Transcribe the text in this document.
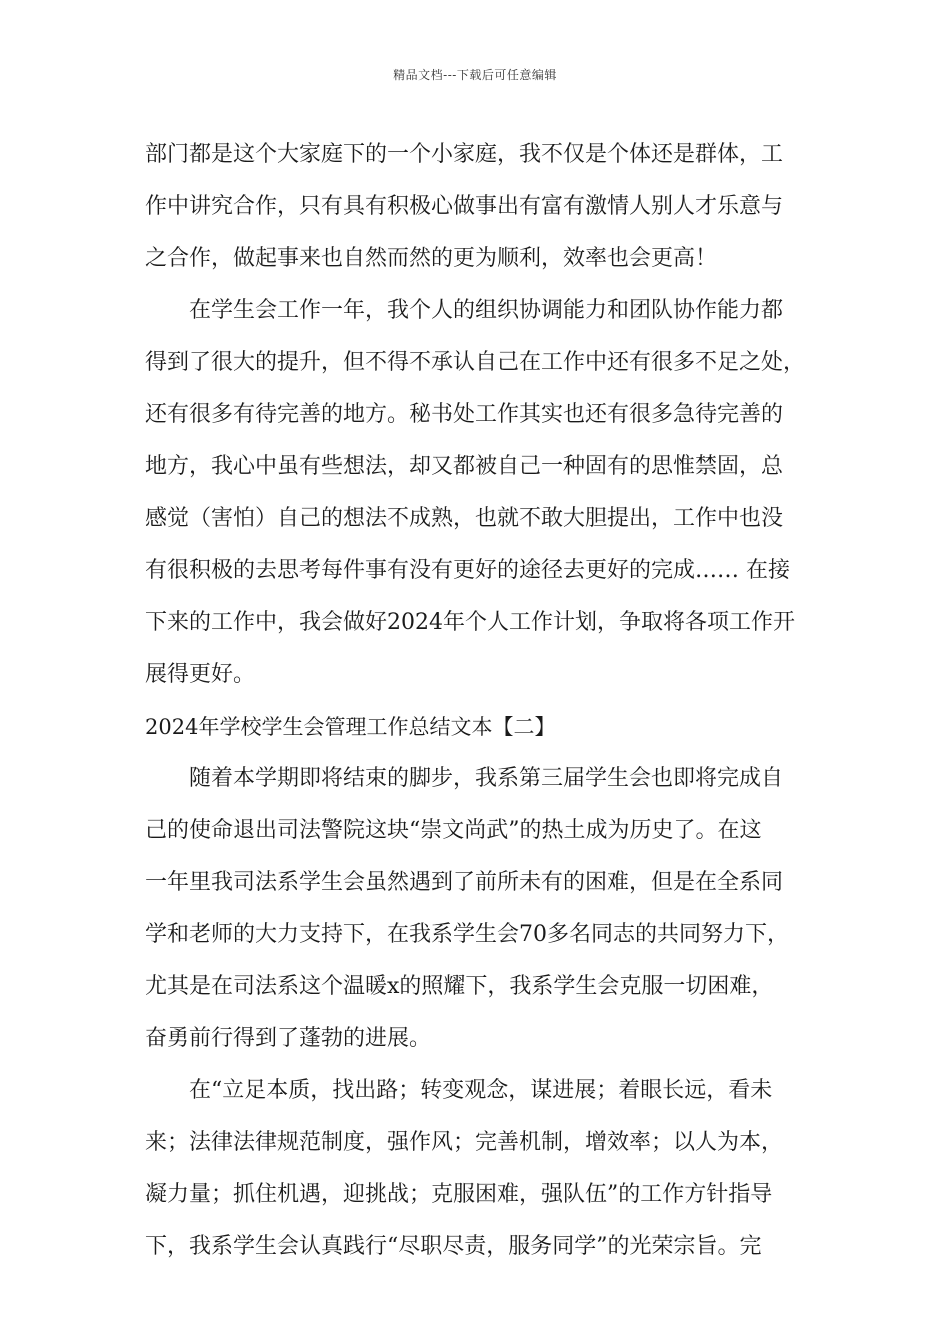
精品文档---下载后可任意编辑
部门都是这个大家庭下的一个小家庭，我不仅是个体还是群体，工
作中讲究合作，只有具有积极心做事出有富有激情人别人才乐意与
之合作，做起事来也自然而然的更为顺利，效率也会更高！
在学生会工作一年，我个人的组织协调能力和团队协作能力都
得到了很大的提升，但不得不承认自己在工作中还有很多不足之处，
还有很多有待完善的地方。秘书处工作其实也还有很多急待完善的
地方，我心中虽有些想法，却又都被自己一种固有的思惟禁固，总
感觉（害怕）自己的想法不成熟，也就不敢大胆提出，工作中也没
有很积极的去思考每件事有没有更好的途径去更好的完成…… 在接
下来的工作中，我会做好2024年个人工作计划，争取将各项工作开
展得更好。
2024年学校学生会管理工作总结文本【二】
随着本学期即将结束的脚步，我系第三届学生会也即将完成自
己的使命退出司法警院这块“崇文尚武”的热土成为历史了。在这
一年里我司法系学生会虽然遇到了前所未有的困难，但是在全系同
学和老师的大力支持下，在我系学生会70多名同志的共同努力下，
尤其是在司法系这个温暖x的照耀下，我系学生会克服一切困难，
奋勇前行得到了蓬勃的进展。
在“立足本质，找出路；转变观念，谋进展；着眼长远，看未
来；法律法律规范制度，强作风；完善机制，增效率；以人为本，
凝力量；抓住机遇，迎挑战；克服困难，强队伍”的工作方针指导
下，我系学生会认真践行“尽职尽责，服务同学”的光荣宗旨。完
